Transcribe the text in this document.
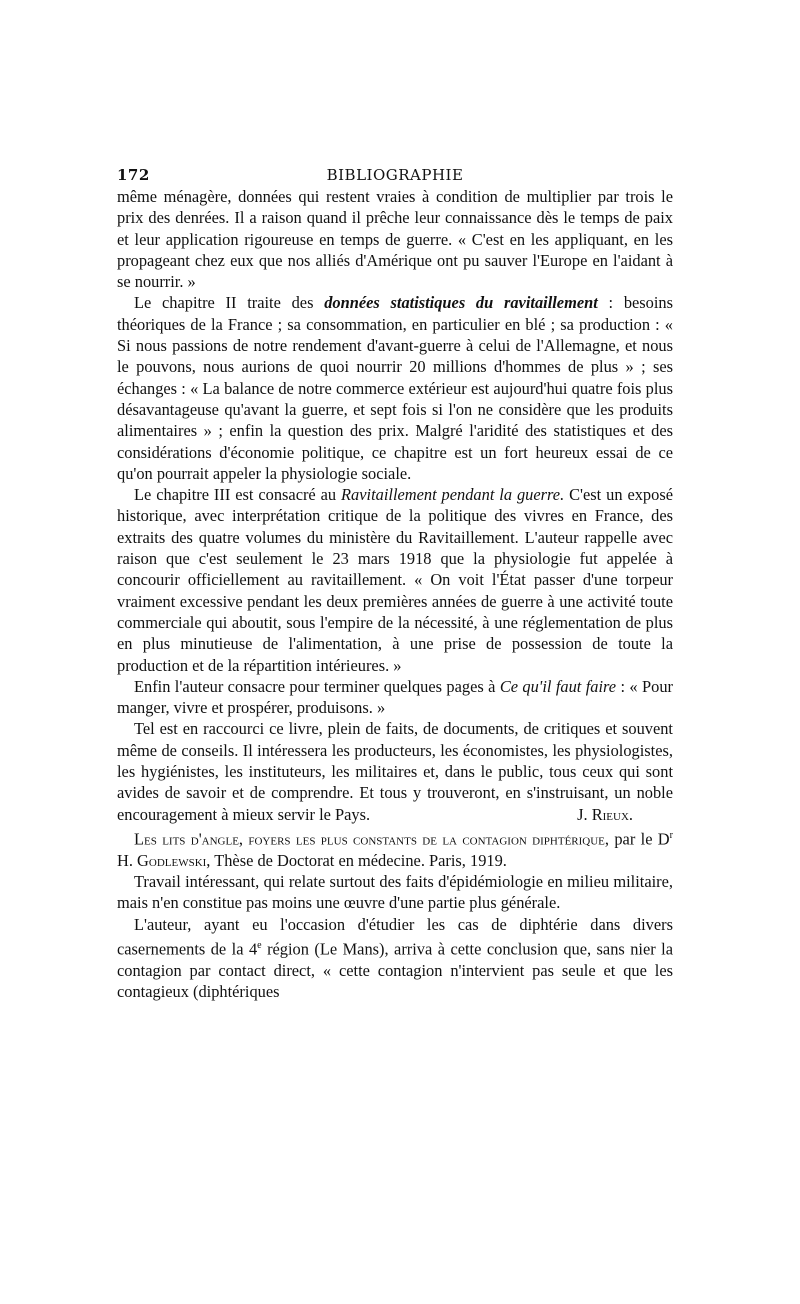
172	BIBLIOGRAPHIE

même ménagère, données qui restent vraies à condition de multiplier par trois le prix des denrées. Il a raison quand il prêche leur connaissance dès le temps de paix et leur application rigoureuse en temps de guerre. « C'est en les appliquant, en les propageant chez eux que nos alliés d'Amérique ont pu sauver l'Europe en l'aidant à se nourrir. »

Le chapitre II traite des données statistiques du ravitaillement : besoins théoriques de la France ; sa consommation, en particulier en blé ; sa production : « Si nous passions de notre rendement d'avant-guerre à celui de l'Allemagne, et nous le pouvons, nous aurions de quoi nourrir 20 millions d'hommes de plus » ; ses échanges : « La balance de notre commerce extérieur est aujourd'hui quatre fois plus désavantageuse qu'avant la guerre, et sept fois si l'on ne considère que les produits alimentaires » ; enfin la question des prix. Malgré l'aridité des statistiques et des considérations d'économie politique, ce chapitre est un fort heureux essai de ce qu'on pourrait appeler la physiologie sociale.

Le chapitre III est consacré au Ravitaillement pendant la guerre. C'est un exposé historique, avec interprétation critique de la politique des vivres en France, des extraits des quatre volumes du ministère du Ravitaillement. L'auteur rappelle avec raison que c'est seulement le 23 mars 1918 que la physiologie fut appelée à concourir officiellement au ravitaillement. « On voit l'État passer d'une torpeur vraiment excessive pendant les deux premières années de guerre à une activité toute commerciale qui aboutit, sous l'empire de la nécessité, à une réglementation de plus en plus minutieuse de l'alimentation, à une prise de possession de toute la production et de la répartition intérieures. »

Enfin l'auteur consacre pour terminer quelques pages à Ce qu'il faut faire : « Pour manger, vivre et prospérer, produisons. »

Tel est en raccourci ce livre, plein de faits, de documents, de critiques et souvent même de conseils. Il intéressera les producteurs, les économistes, les physiologistes, les hygiénistes, les instituteurs, les militaires et, dans le public, tous ceux qui sont avides de savoir et de comprendre. Et tous y trouveront, en s'instruisant, un noble encouragement à mieux servir le Pays.	J. Rieux.

Les lits d'angle, foyers les plus constants de la contagion diphtérique, par le $D^r$ H. Godlewski, Thèse de Doctorat en médecine. Paris, 1919.

Travail intéressant, qui relate surtout des faits d'épidémiologie en milieu militaire, mais n'en constitue pas moins une œuvre d'une partie plus générale.

L'auteur, ayant eu l'occasion d'étudier les cas de diphtérie dans divers casernements de la 4e région (Le Mans), arriva à cette conclusion que, sans nier la contagion par contact direct, « cette contagion n'intervient pas seule et que les contagieux (diphtériques
